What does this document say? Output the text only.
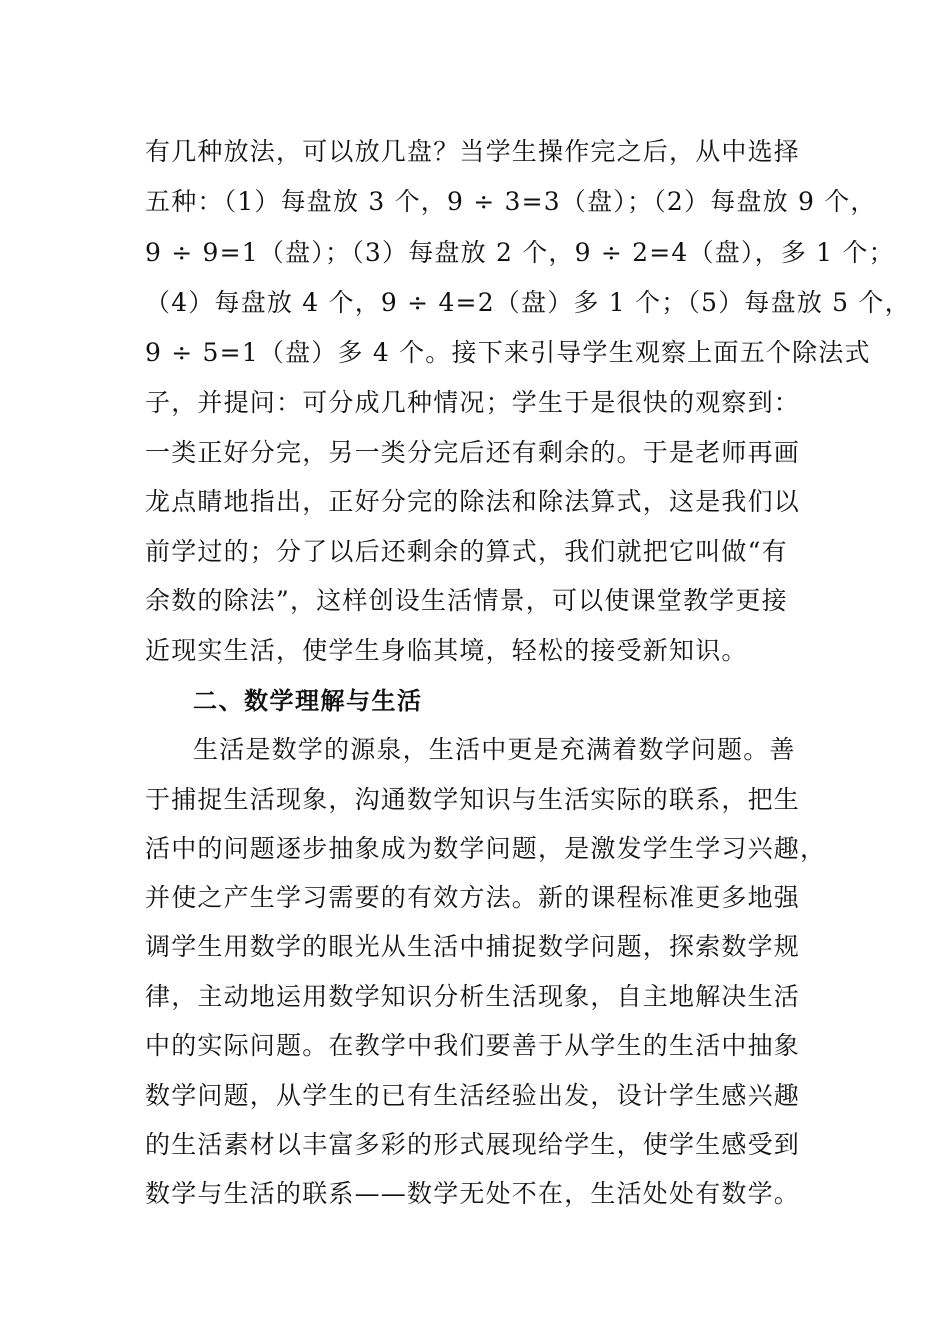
有几种放法，可以放几盘？当学生操作完之后，从中选择
五种：（1）每盘放 3 个，9 ÷ 3=3（盘）；（2）每盘放 9 个，
9 ÷ 9=1（盘）；（3）每盘放 2 个，9 ÷ 2=4（盘），多 1 个；
（4）每盘放 4 个，9 ÷ 4=2（盘）多 1 个；（5）每盘放 5 个，
9 ÷ 5=1（盘）多 4 个。接下来引导学生观察上面五个除法式
子，并提问：可分成几种情况；学生于是很快的观察到：
一类正好分完，另一类分完后还有剩余的。于是老师再画
龙点睛地指出，正好分完的除法和除法算式，这是我们以
前学过的；分了以后还剩余的算式，我们就把它叫做“有
余数的除法”，这样创设生活情景，可以使课堂教学更接
近现实生活，使学生身临其境，轻松的接受新知识。
二、数学理解与生活
生活是数学的源泉，生活中更是充满着数学问题。善
于捕捉生活现象，沟通数学知识与生活实际的联系，把生
活中的问题逐步抽象成为数学问题，是激发学生学习兴趣，
并使之产生学习需要的有效方法。新的课程标准更多地强
调学生用数学的眼光从生活中捕捉数学问题，探索数学规
律，主动地运用数学知识分析生活现象，自主地解决生活
中的实际问题。在教学中我们要善于从学生的生活中抽象
数学问题，从学生的已有生活经验出发，设计学生感兴趣
的生活素材以丰富多彩的形式展现给学生，使学生感受到
数学与生活的联系——数学无处不在，生活处处有数学。
